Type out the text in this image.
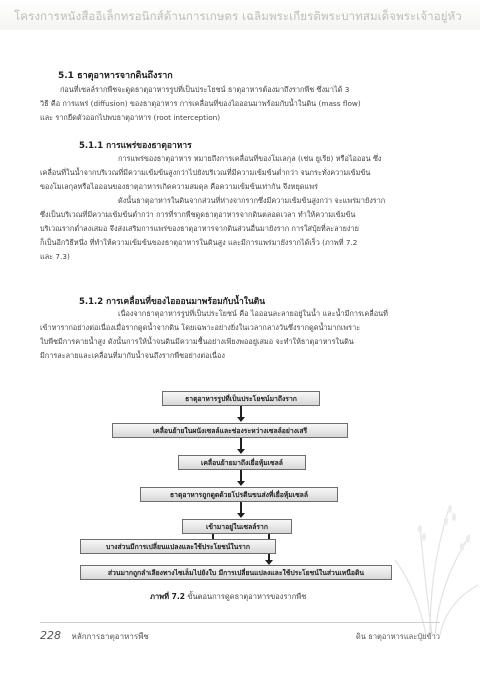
โครงการหนังสืออิเล็กทรอนิกส์ด้านการเกษตร เฉลิมพระเกียรติพระบาทสมเด็จพระเจ้าอยู่หัว
5.1 ธาตุอาหารจากดินถึงราก
ก่อนที่เซลล์รากพืชจะดูดธาตุอาหารรูปที่เป็นประโยชน์ ธาตุอาหารต้องมาถึงรากพืช ซึ่งมาได้ 3
วิธี คือ การแพร่ (diffusion) ของธาตุอาหาร การเคลื่อนที่ของไอออนมาพร้อมกับน้ำในดิน (mass flow)
และ รากยืดตัวออกไปพบธาตุอาหาร (root interception)
5.1.1 การแพร่ของธาตุอาหาร
การแพร่ของธาตุอาหาร หมายถึงการเคลื่อนที่ของโมเลกุล (เช่น ยูเรีย) หรือไอออน ซึ่ง
เคลื่อนที่ในน้ำจากบริเวณที่มีความเข้มข้นสูงกว่าไปยังบริเวณที่มีความเข้มข้นต่ำกว่า จนกระทั่งความเข้มข้น
ของโมเลกุลหรือไอออนของธาตุอาหารเกิดความสมดุล คือความเข้มข้นเท่ากัน จึงหยุดแพร่
ดังนั้นธาตุอาหารในดินจากส่วนที่ห่างจากรากซึ่งมีความเข้มข้นสูงกว่า จะแพร่มายังราก
ซึ่งเป็นบริเวณที่มีความเข้มข้นต่ำกว่า การที่รากพืชดูดธาตุอาหารจากดินตลอดเวลา ทำให้ความเข้มข้น
บริเวณรากต่ำลงเสมอ จึงส่งเสริมการแพร่ของธาตุอาหารจากดินส่วนอื่นมายังราก การใส่ปุ๋ยที่ละลายง่าย
ก็เป็นอีกวิธีหนึ่ง ที่ทำให้ความเข้มข้นของธาตุอาหารในดินสูง และมีการแพร่มายังรากได้เร็ว (ภาพที่ 7.2
และ 7.3)
5.1.2 การเคลื่อนที่ของไอออนมาพร้อมกับน้ำในดิน
เนื่องจากธาตุอาหารรูปที่เป็นประโยชน์ คือ ไอออนละลายอยู่ในน้ำ และน้ำมีการเคลื่อนที่
เข้าหารากอย่างต่อเนื่องเมื่อรากดูดน้ำจากดิน โดยเฉพาะอย่างยิ่งในเวลากลางวันซึ่งรากดูดน้ำมากเพราะ
ใบพืชมีการคายน้ำสูง ดังนั้นการให้น้ำจนดินมีความชื้นอย่างเพียงพออยู่เสมอ จะทำให้ธาตุอาหารในดิน
มีการละลายและเคลื่อนที่มากับน้ำจนถึงรากพืชอย่างต่อเนื่อง
ธาตุอาหารรูปที่เป็นประโยชน์มาถึงราก
เคลื่อนย้ายในผนังเซลล์และช่องระหว่างเซลล์อย่างเสรี
เคลื่อนย้ายมาถึงเยื่อหุ้มเซลล์
ธาตุอาหารถูกดูดด้วยโปรตีนขนส่งที่เยื่อหุ้มเซลล์
เข้ามาอยู่ในเซลล์ราก
บางส่วนมีการเปลี่ยนแปลงและใช้ประโยชน์ในราก
ส่วนมากถูกลำเลียงทางไซเล็มไปยังใบ มีการเปลี่ยนแปลงและใช้ประโยชน์ในส่วนเหนือดิน
ภาพที่ 7.2 ขั้นตอนการดูดธาตุอาหารของรากพืช
228 หลักการธาตุอาหารพืช	ดิน ธาตุอาหารและปุ๋ยข้าว
